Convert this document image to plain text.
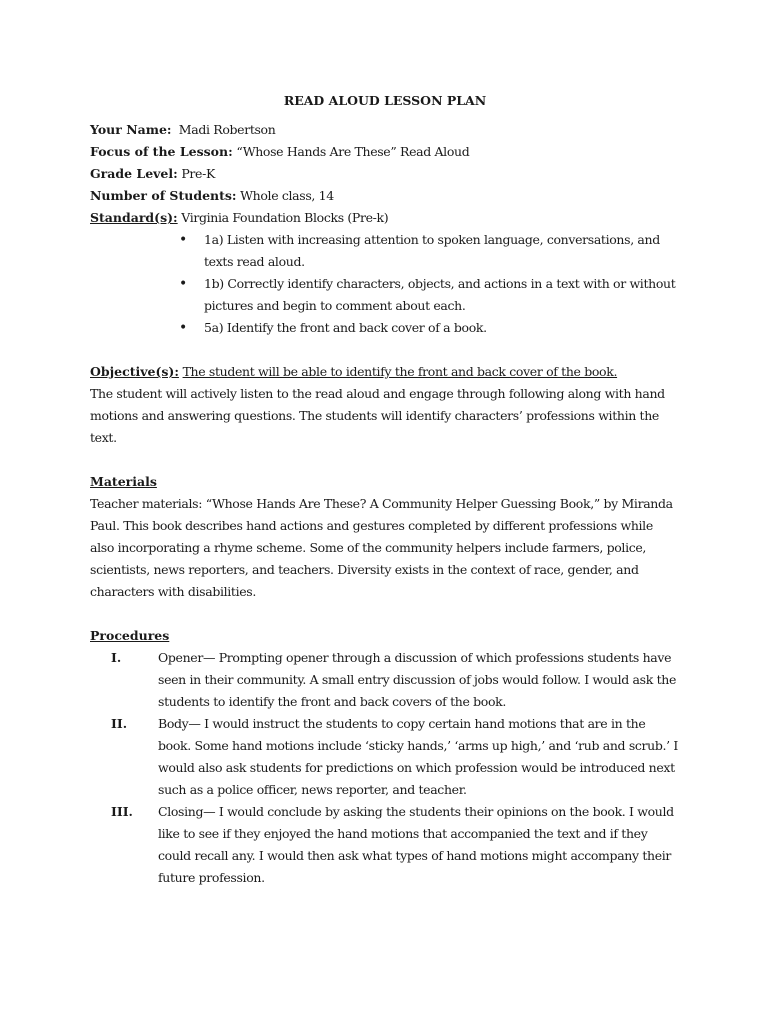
READ ALOUD LESSON PLAN

Your Name: Madi Robertson

Focus of the Lesson: “Whose Hands Are These” Read Aloud

Grade Level: Pre-K

Number of Students: Whole class, 14

Standard(s): Virginia Foundation Blocks (Pre-k)

• 1a) Listen with increasing attention to spoken language, conversations, and texts read aloud.
• 1b) Correctly identify characters, objects, and actions in a text with or without pictures and begin to comment about each.
• 5a) Identify the front and back cover of a book.

Objective(s): The student will be able to identify the front and back cover of the book.

The student will actively listen to the read aloud and engage through following along with hand motions and answering questions. The students will identify characters’ professions within the text.

Materials

Teacher materials: “Whose Hands Are These? A Community Helper Guessing Book,” by Miranda Paul. This book describes hand actions and gestures completed by different professions while also incorporating a rhyme scheme. Some of the community helpers include farmers, police, scientists, news reporters, and teachers. Diversity exists in the context of race, gender, and characters with disabilities.

Procedures
I.	Opener— Prompting opener through a discussion of which professions students have seen in their community. A small entry discussion of jobs would follow. I would ask the students to identify the front and back covers of the book.
II. Body— I would instruct the students to copy certain hand motions that are in the book. Some hand motions include ‘sticky hands,’ ‘arms up high,’ and ‘rub and scrub.’ I would also ask students for predictions on which profession would be introduced next such as a police officer, news reporter, and teacher.
III. Closing— I would conclude by asking the students their opinions on the book. I would like to see if they enjoyed the hand motions that accompanied the text and if they could recall any. I would then ask what types of hand motions might accompany their future profession.
